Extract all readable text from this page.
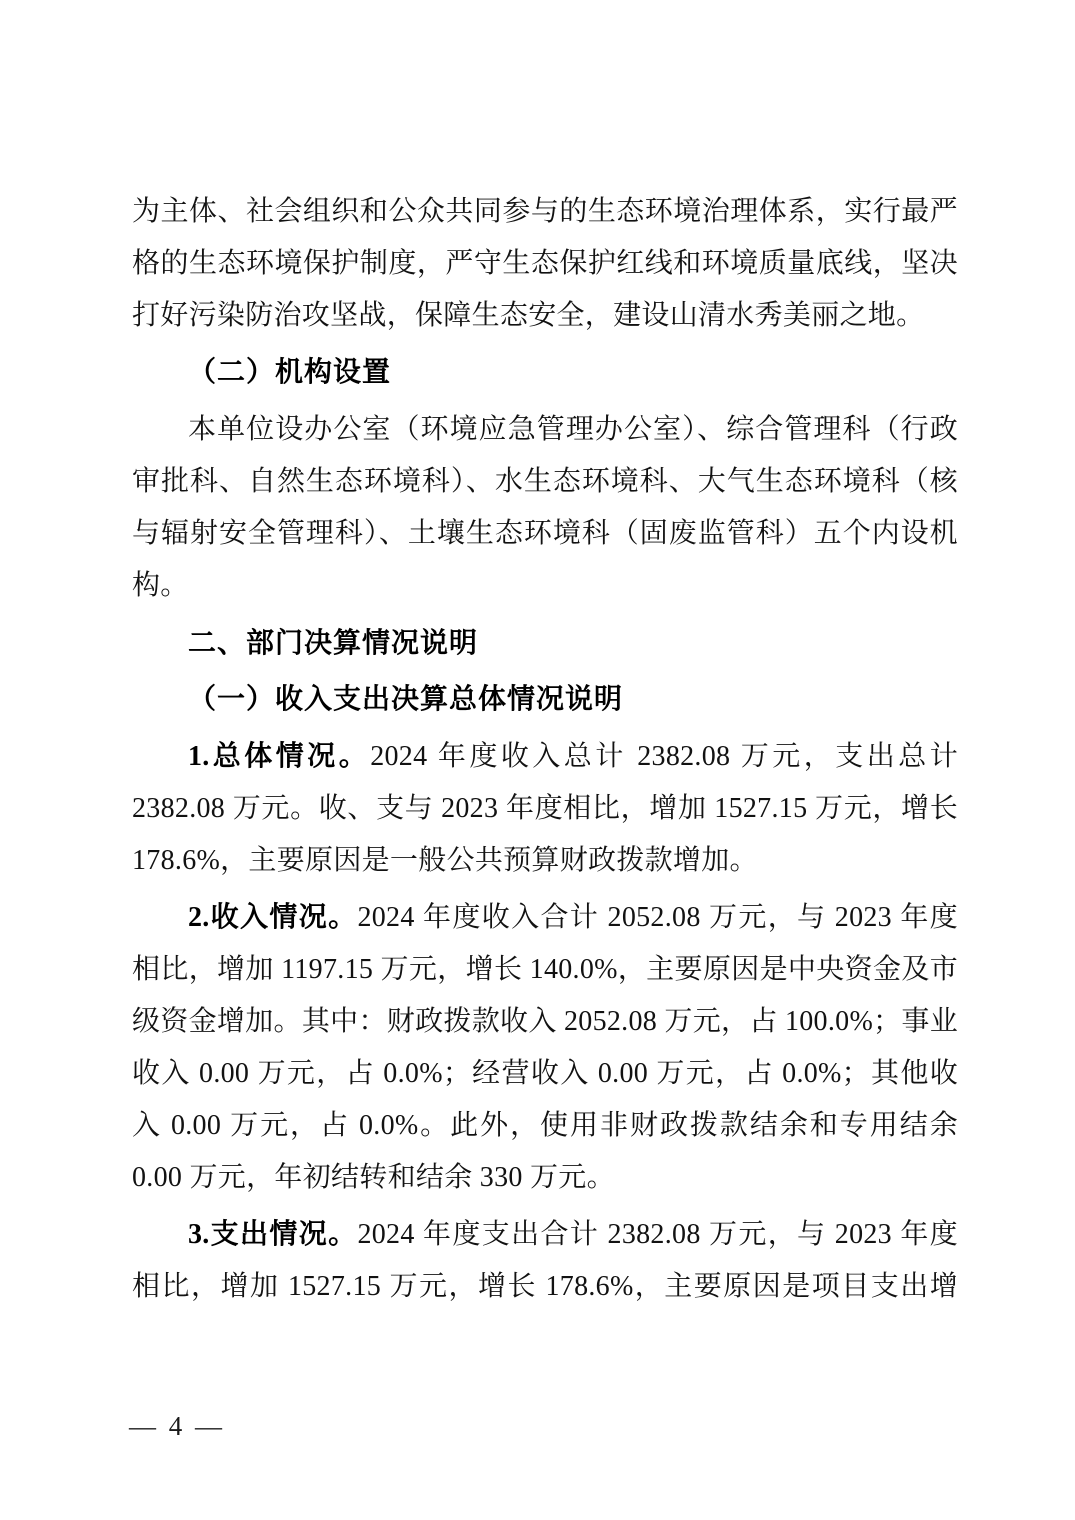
为主体、社会组织和公众共同参与的生态环境治理体系，实行最严格的生态环境保护制度，严守生态保护红线和环境质量底线，坚决打好污染防治攻坚战，保障生态安全，建设山清水秀美丽之地。

（二）机构设置

本单位设办公室（环境应急管理办公室）、综合管理科（行政审批科、自然生态环境科）、水生态环境科、大气生态环境科（核与辐射安全管理科）、土壤生态环境科（固废监管科）五个内设机构。

二、部门决算情况说明

（一）收入支出决算总体情况说明

1.总体情况。2024 年度收入总计 2382.08 万元，支出总计 2382.08 万元。收、支与 2023 年度相比，增加 1527.15 万元，增长 178.6%，主要原因是一般公共预算财政拨款增加。

2.收入情况。2024 年度收入合计 2052.08 万元，与 2023 年度相比，增加 1197.15 万元，增长 140.0%，主要原因是中央资金及市级资金增加。其中：财政拨款收入 2052.08 万元，占 100.0%；事业收入 0.00 万元，占 0.0%；经营收入 0.00 万元，占 0.0%；其他收入 0.00 万元，占 0.0%。此外，使用非财政拨款结余和专用结余 0.00 万元，年初结转和结余 330 万元。

3.支出情况。2024 年度支出合计 2382.08 万元，与 2023 年度相比，增加 1527.15 万元，增长 178.6%，主要原因是项目支出增

— 4 —
